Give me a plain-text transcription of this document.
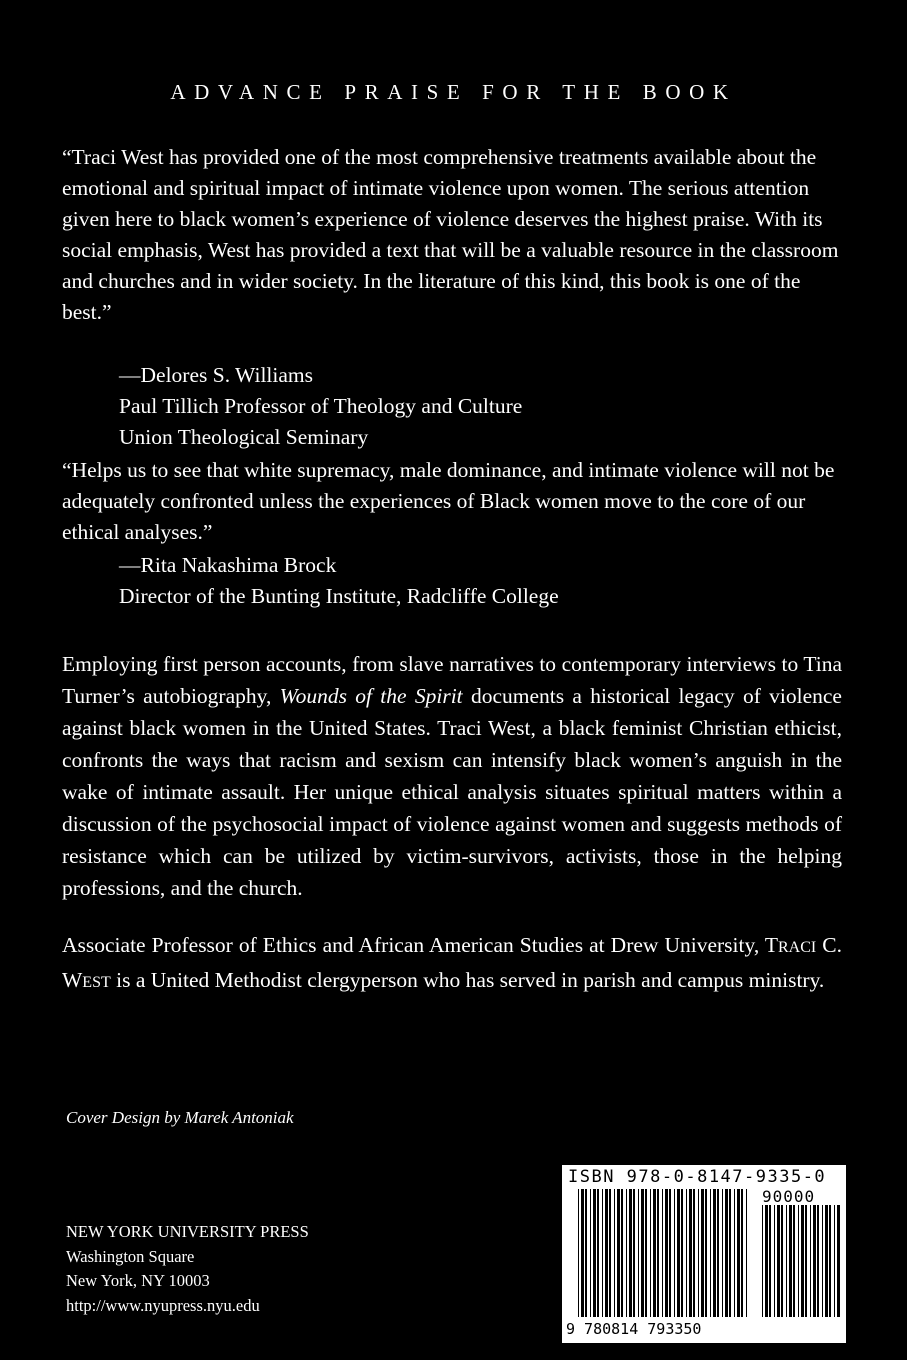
ADVANCE PRAISE FOR THE BOOK
“Traci West has provided one of the most comprehensive treatments available about the emotional and spiritual impact of intimate violence upon women. The serious attention given here to black women’s experience of violence deserves the highest praise. With its social emphasis, West has provided a text that will be a valuable resource in the classroom and churches and in wider society. In the literature of this kind, this book is one of the best.”
—Delores S. Williams
Paul Tillich Professor of Theology and Culture
Union Theological Seminary
“Helps us to see that white supremacy, male dominance, and intimate violence will not be adequately confronted unless the experiences of Black women move to the core of our ethical analyses.”
—Rita Nakashima Brock
Director of the Bunting Institute, Radcliffe College
Employing first person accounts, from slave narratives to contemporary interviews to Tina Turner’s autobiography, Wounds of the Spirit documents a historical legacy of violence against black women in the United States. Traci West, a black feminist Christian ethicist, confronts the ways that racism and sexism can intensify black women’s anguish in the wake of intimate assault. Her unique ethical analysis situates spiritual matters within a discussion of the psychosocial impact of violence against women and suggests methods of resistance which can be utilized by victim-survivors, activists, those in the helping professions, and the church.
Associate Professor of Ethics and African American Studies at Drew University, TRACI C. WEST is a United Methodist clergyperson who has served in parish and campus ministry.
Cover Design by Marek Antoniak
NEW YORK UNIVERSITY PRESS
Washington Square
New York, NY 10003
http://www.nyupress.nyu.edu
ISBN 978-0-8147-9335-0
90000
9 780814 793350
